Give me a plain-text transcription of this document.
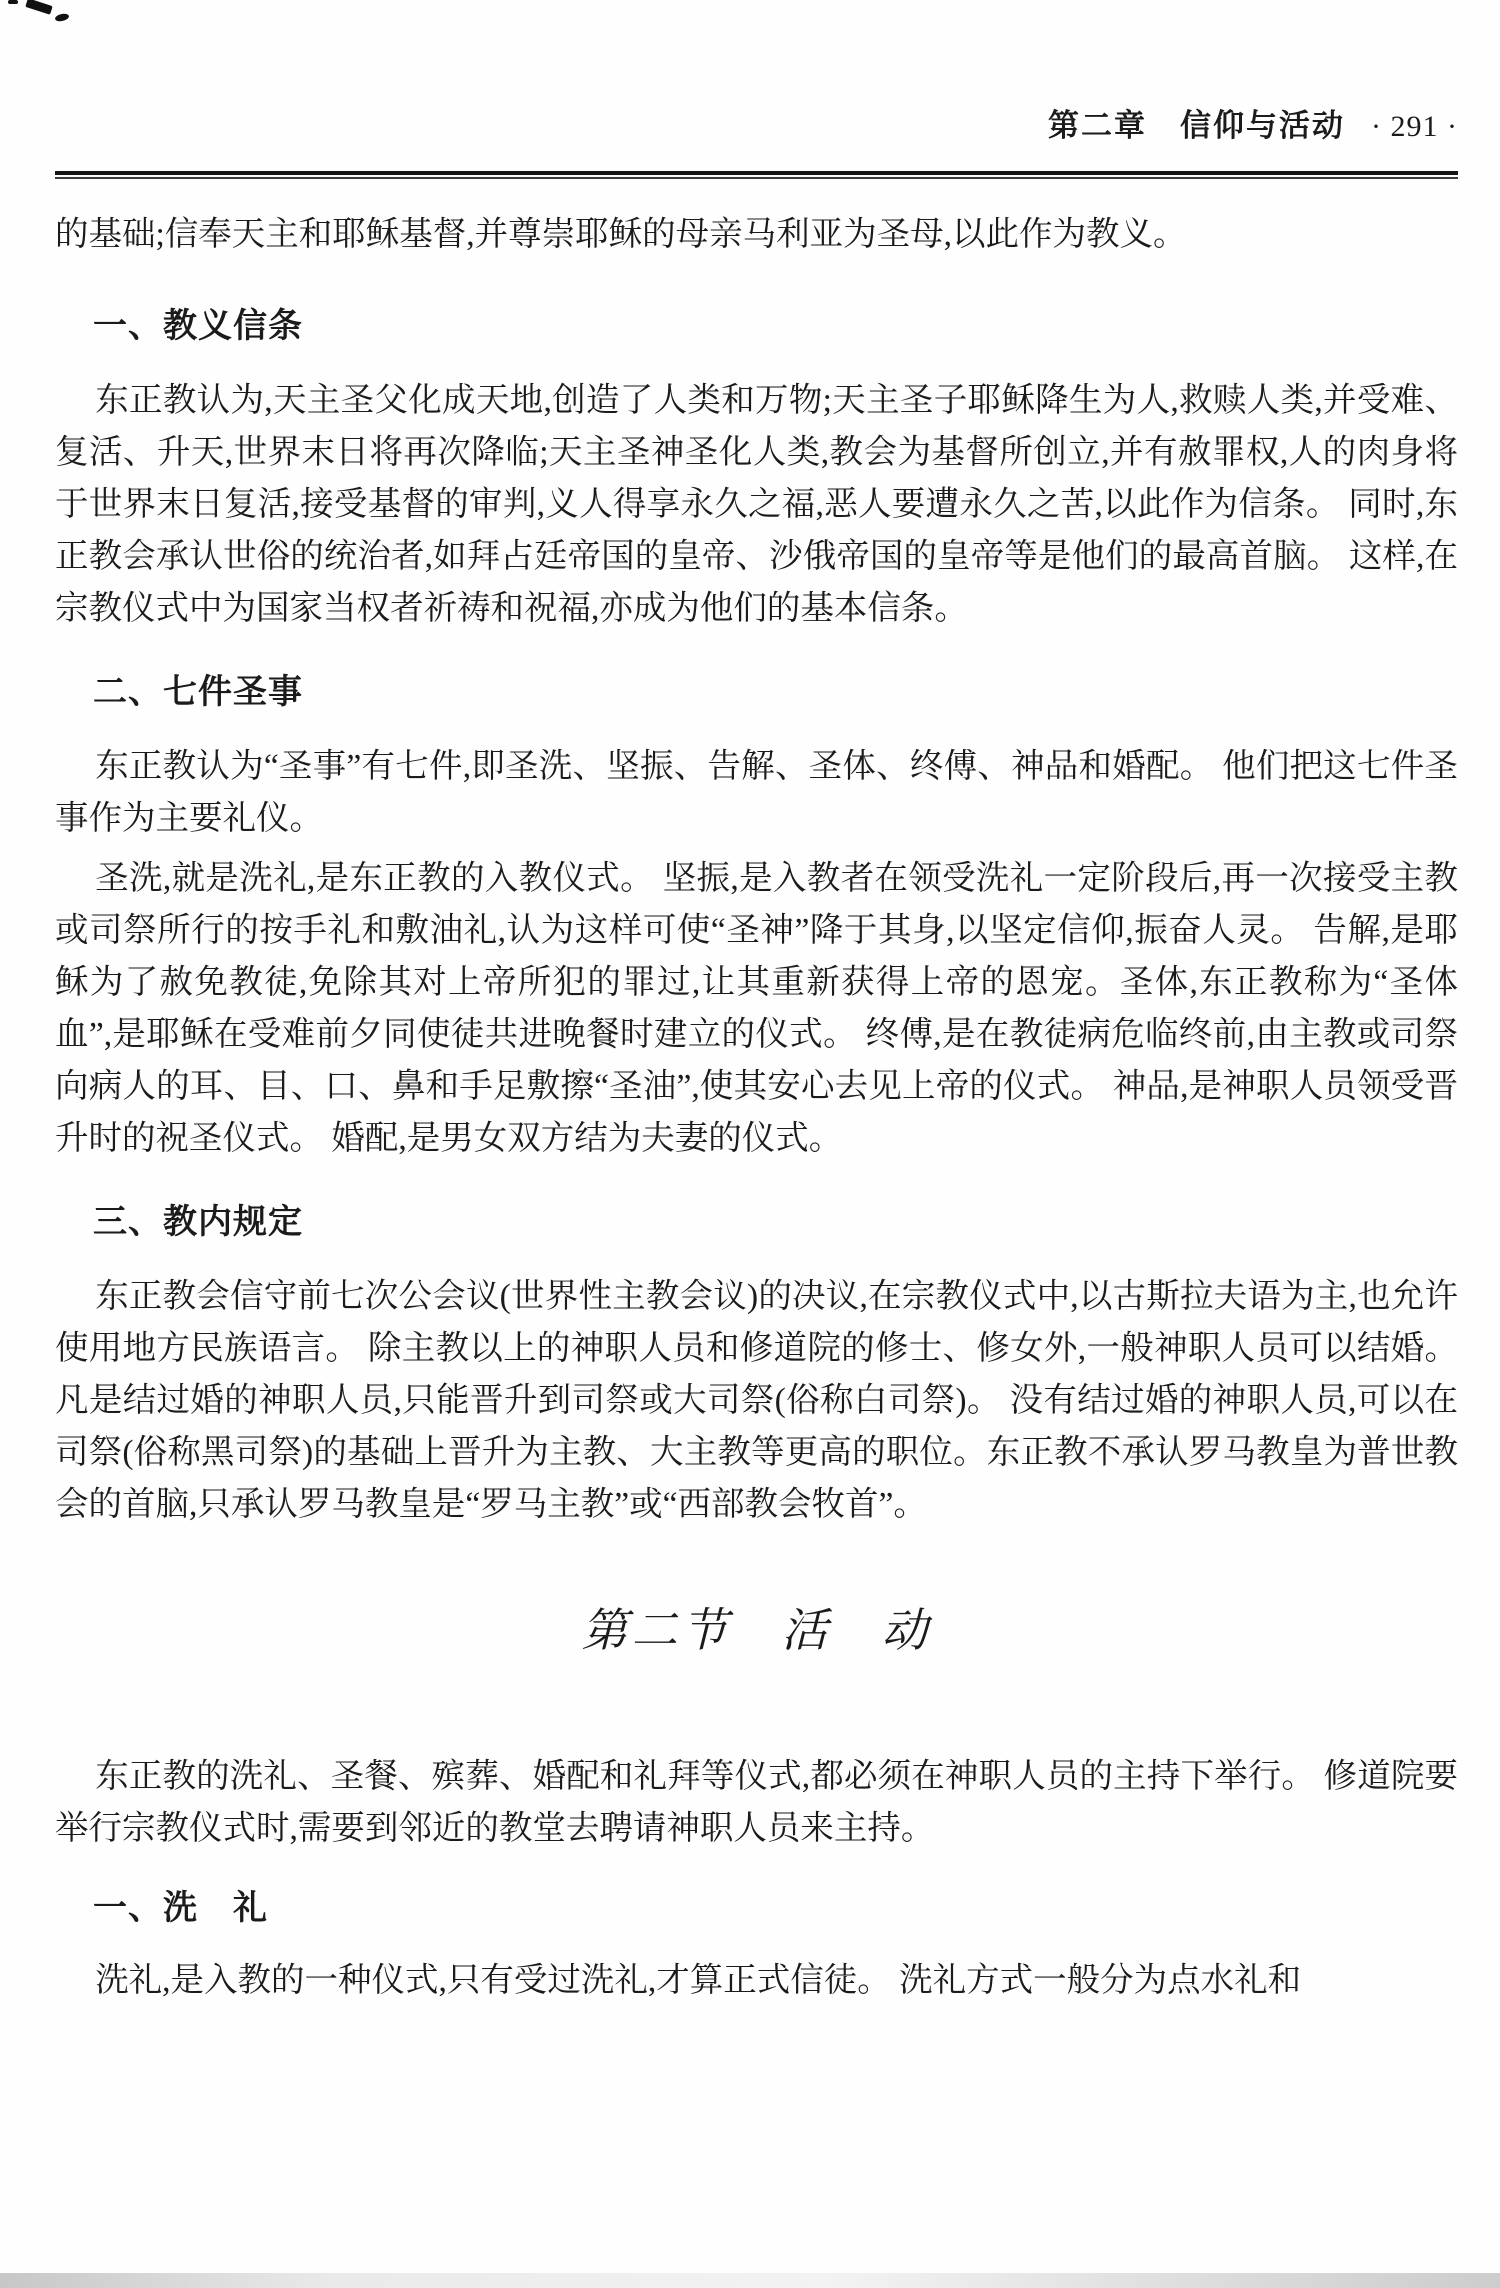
第二章　信仰与活动 · 291 ·

的基础;信奉天主和耶稣基督,并尊崇耶稣的母亲马利亚为圣母,以此作为教义。

一、教义信条

东正教认为,天主圣父化成天地,创造了人类和万物;天主圣子耶稣降生为人,救赎人类,并受难、复活、升天,世界末日将再次降临;天主圣神圣化人类,教会为基督所创立,并有赦罪权,人的肉身将于世界末日复活,接受基督的审判,义人得享永久之福,恶人要遭永久之苦,以此作为信条。 同时,东正教会承认世俗的统治者,如拜占廷帝国的皇帝、沙俄帝国的皇帝等是他们的最高首脑。 这样,在宗教仪式中为国家当权者祈祷和祝福,亦成为他们的基本信条。

二、七件圣事

东正教认为“圣事”有七件,即圣洗、坚振、告解、圣体、终傅、神品和婚配。 他们把这七件圣事作为主要礼仪。

圣洗,就是洗礼,是东正教的入教仪式。 坚振,是入教者在领受洗礼一定阶段后,再一次接受主教或司祭所行的按手礼和敷油礼,认为这样可使“圣神”降于其身,以坚定信仰,振奋人灵。 告解,是耶稣为了赦免教徒,免除其对上帝所犯的罪过,让其重新获得上帝的恩宠。圣体,东正教称为“圣体血”,是耶稣在受难前夕同使徒共进晚餐时建立的仪式。 终傅,是在教徒病危临终前,由主教或司祭向病人的耳、目、口、鼻和手足敷擦“圣油”,使其安心去见上帝的仪式。 神品,是神职人员领受晋升时的祝圣仪式。 婚配,是男女双方结为夫妻的仪式。

三、教内规定

东正教会信守前七次公会议(世界性主教会议)的决议,在宗教仪式中,以古斯拉夫语为主,也允许使用地方民族语言。 除主教以上的神职人员和修道院的修士、修女外,一般神职人员可以结婚。 凡是结过婚的神职人员,只能晋升到司祭或大司祭(俗称白司祭)。 没有结过婚的神职人员,可以在司祭(俗称黑司祭)的基础上晋升为主教、大主教等更高的职位。东正教不承认罗马教皇为普世教会的首脑,只承认罗马教皇是“罗马主教”或“西部教会牧首”。

第二节　活　动

东正教的洗礼、圣餐、殡葬、婚配和礼拜等仪式,都必须在神职人员的主持下举行。 修道院要举行宗教仪式时,需要到邻近的教堂去聘请神职人员来主持。

一、洗　礼

洗礼,是入教的一种仪式,只有受过洗礼,才算正式信徒。 洗礼方式一般分为点水礼和
